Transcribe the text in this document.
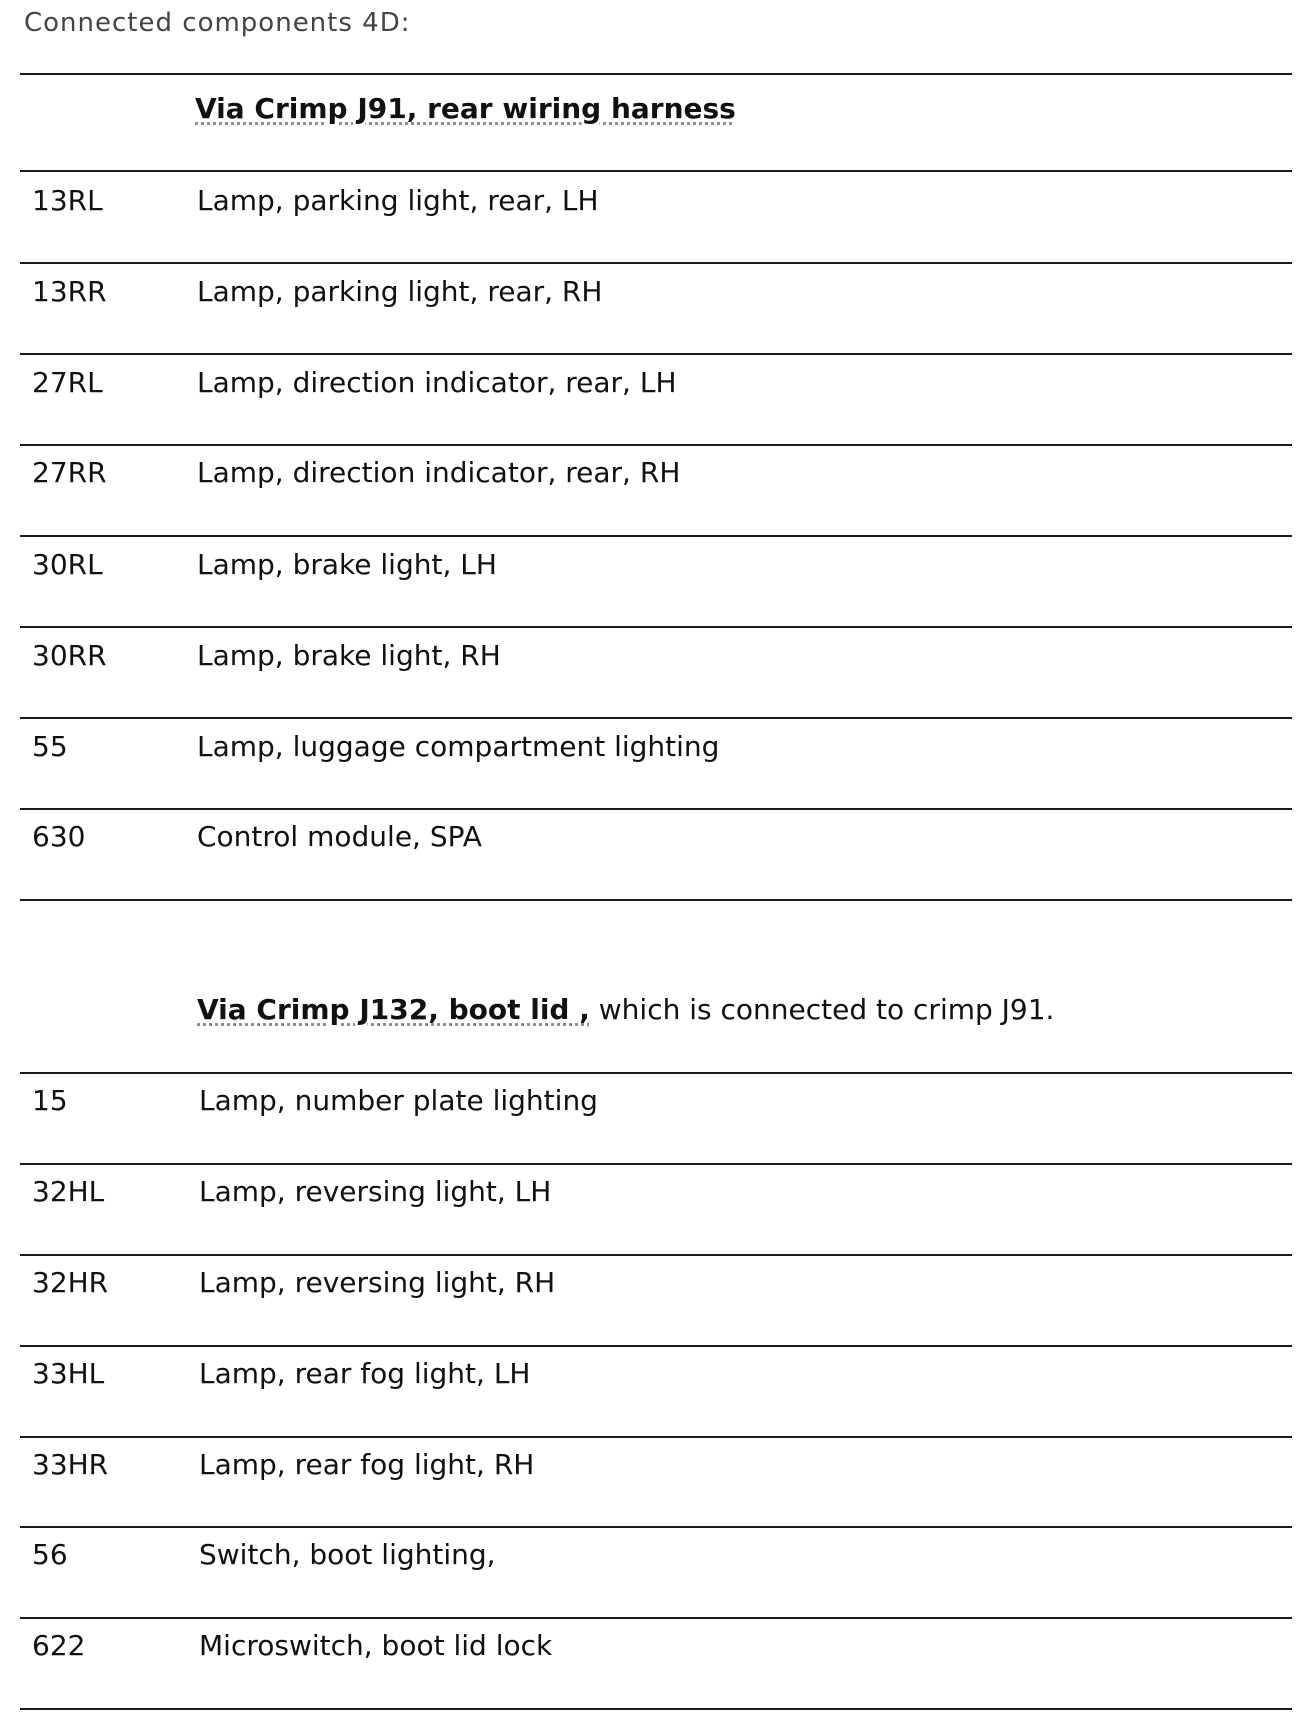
Connected components 4D:
Via Crimp J91, rear wiring harness
13RL	Lamp, parking light, rear, LH
13RR	Lamp, parking light, rear, RH
27RL	Lamp, direction indicator, rear, LH
27RR	Lamp, direction indicator, rear, RH
30RL	Lamp, brake light, LH
30RR	Lamp, brake light, RH
55	Lamp, luggage compartment lighting
630	Control module, SPA
Via Crimp J132, boot lid , which is connected to crimp J91.
15	Lamp, number plate lighting
32HL	Lamp, reversing light, LH
32HR	Lamp, reversing light, RH
33HL	Lamp, rear fog light, LH
33HR	Lamp, rear fog light, RH
56	Switch, boot lighting,
622	Microswitch, boot lid lock
